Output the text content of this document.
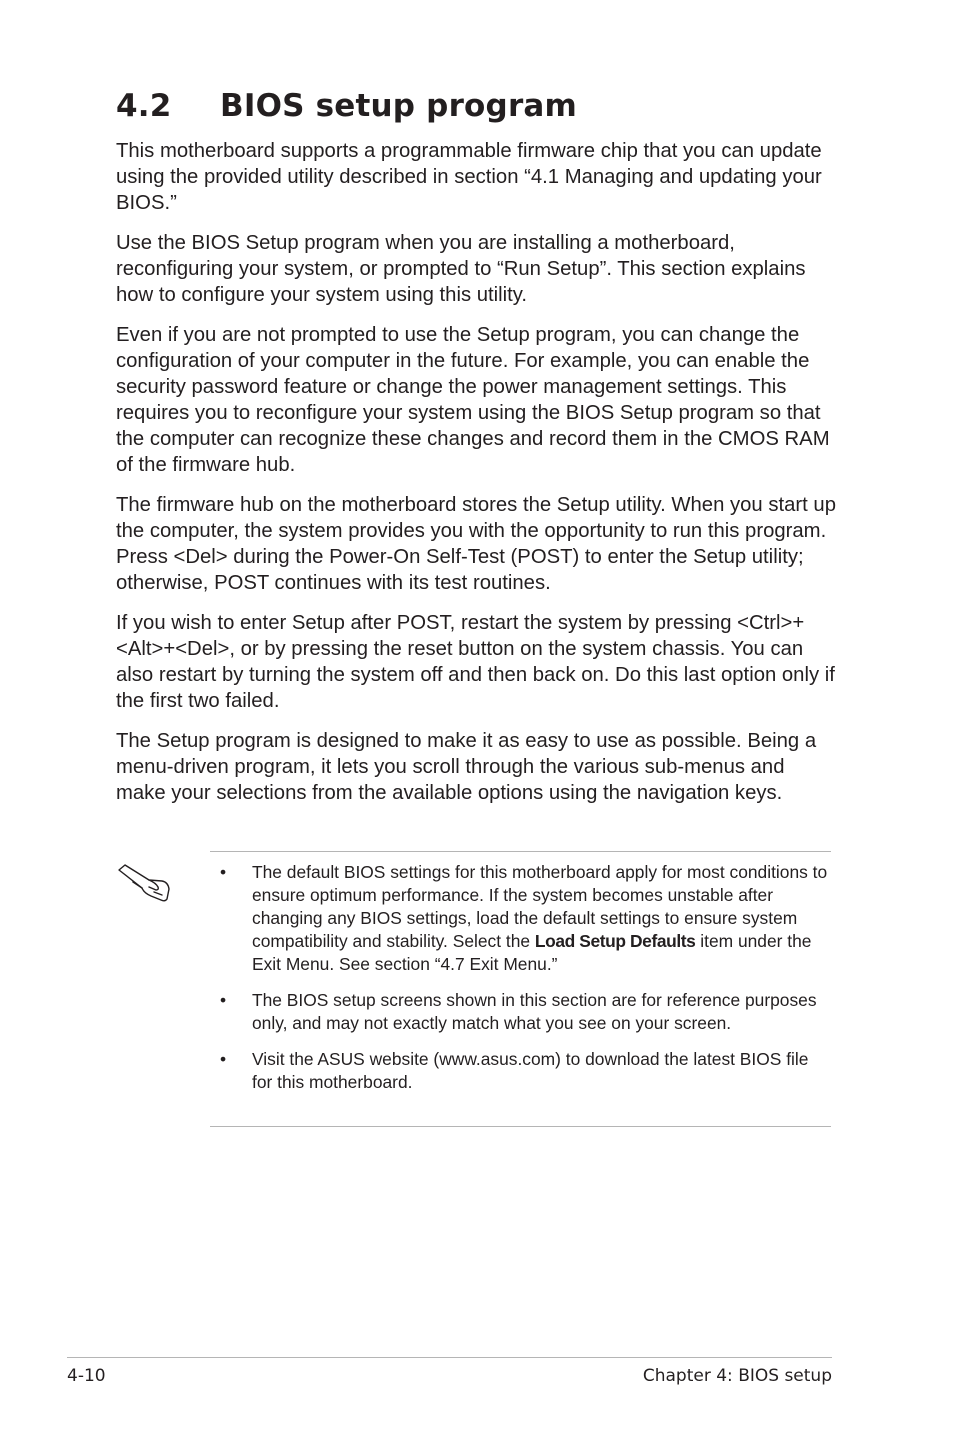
4.2 BIOS setup program

This motherboard supports a programmable firmware chip that you can update using the provided utility described in section “4.1 Managing and updating your BIOS.”

Use the BIOS Setup program when you are installing a motherboard, reconfiguring your system, or prompted to “Run Setup”. This section explains how to configure your system using this utility.

Even if you are not prompted to use the Setup program, you can change the configuration of your computer in the future. For example, you can enable the security password feature or change the power management settings. This requires you to reconfigure your system using the BIOS Setup program so that the computer can recognize these changes and record them in the CMOS RAM of the firmware hub.

The firmware hub on the motherboard stores the Setup utility. When you start up the computer, the system provides you with the opportunity to run this program. Press <Del> during the Power-On Self-Test (POST) to enter the Setup utility; otherwise, POST continues with its test routines.

If you wish to enter Setup after POST, restart the system by pressing <Ctrl>+<Alt>+<Del>, or by pressing the reset button on the system chassis. You can also restart by turning the system off and then back on. Do this last option only if the first two failed.

The Setup program is designed to make it as easy to use as possible. Being a menu-driven program, it lets you scroll through the various sub-menus and make your selections from the available options using the navigation keys.

• The default BIOS settings for this motherboard apply for most conditions to ensure optimum performance. If the system becomes unstable after changing any BIOS settings, load the default settings to ensure system compatibility and stability. Select the Load Setup Defaults item under the Exit Menu. See section “4.7 Exit Menu.”
• The BIOS setup screens shown in this section are for reference purposes only, and may not exactly match what you see on your screen.
• Visit the ASUS website (www.asus.com) to download the latest BIOS file for this motherboard.
4-10	Chapter 4: BIOS setup
